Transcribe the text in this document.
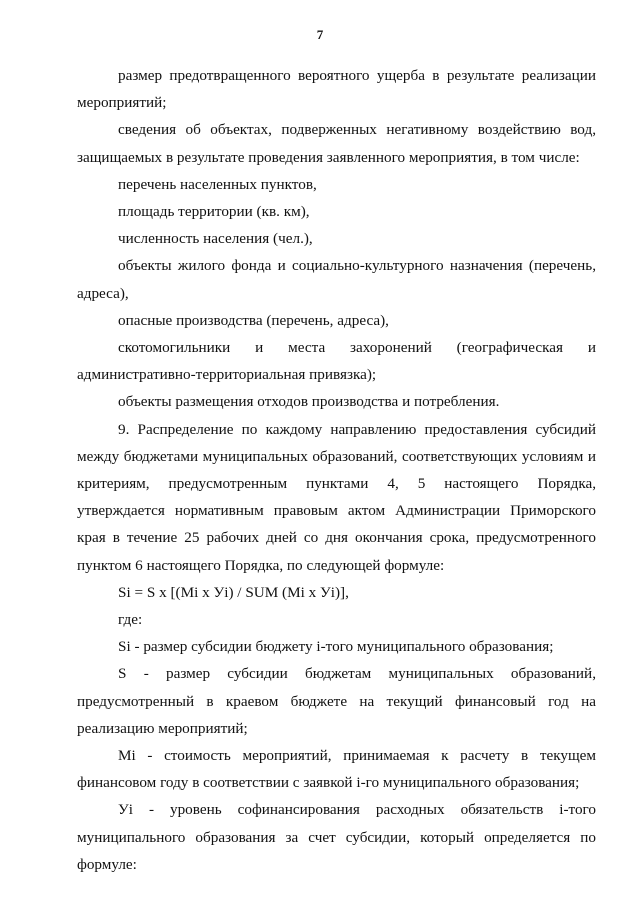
7
размер предотвращенного вероятного ущерба в результате реализации
мероприятий;
сведения об объектах, подверженных негативному воздействию вод,
защищаемых в результате проведения заявленного мероприятия, в том числе:

перечень населенных пунктов,

площадь территории (кв. км),

численность населения (чел.),

объекты жилого фонда и социально-культурного назначения (перечень,
адреса),

опасные производства (перечень, адреса),

скотомогильники и места захоронений (географическая и
административно-территориальная привязка);

объекты размещения отходов производства и потребления.

9. Распределение по каждому направлению предоставления субсидий
между бюджетами муниципальных образований, соответствующих условиям и
критериям, предусмотренным пунктами 4, 5 настоящего Порядка,
утверждается нормативным правовым актом Администрации Приморского
края в течение 25 рабочих дней со дня окончания срока, предусмотренного
пунктом 6 настоящего Порядка, по следующей формуле:

Si = S x [(Mi x Уi) / SUM (Mi x Уi)],

где:

Si - размер субсидии бюджету i-того муниципального образования;

S - размер субсидии бюджетам муниципальных образований,
предусмотренный в краевом бюджете на текущий финансовый год на
реализацию мероприятий;
Mi - стоимость мероприятий, принимаемая к расчету в текущем
финансовом году в соответствии с заявкой i-го муниципального образования;
Уi - уровень софинансирования расходных обязательств i-того
муниципального образования за счет субсидии, который определяется по
формуле:
